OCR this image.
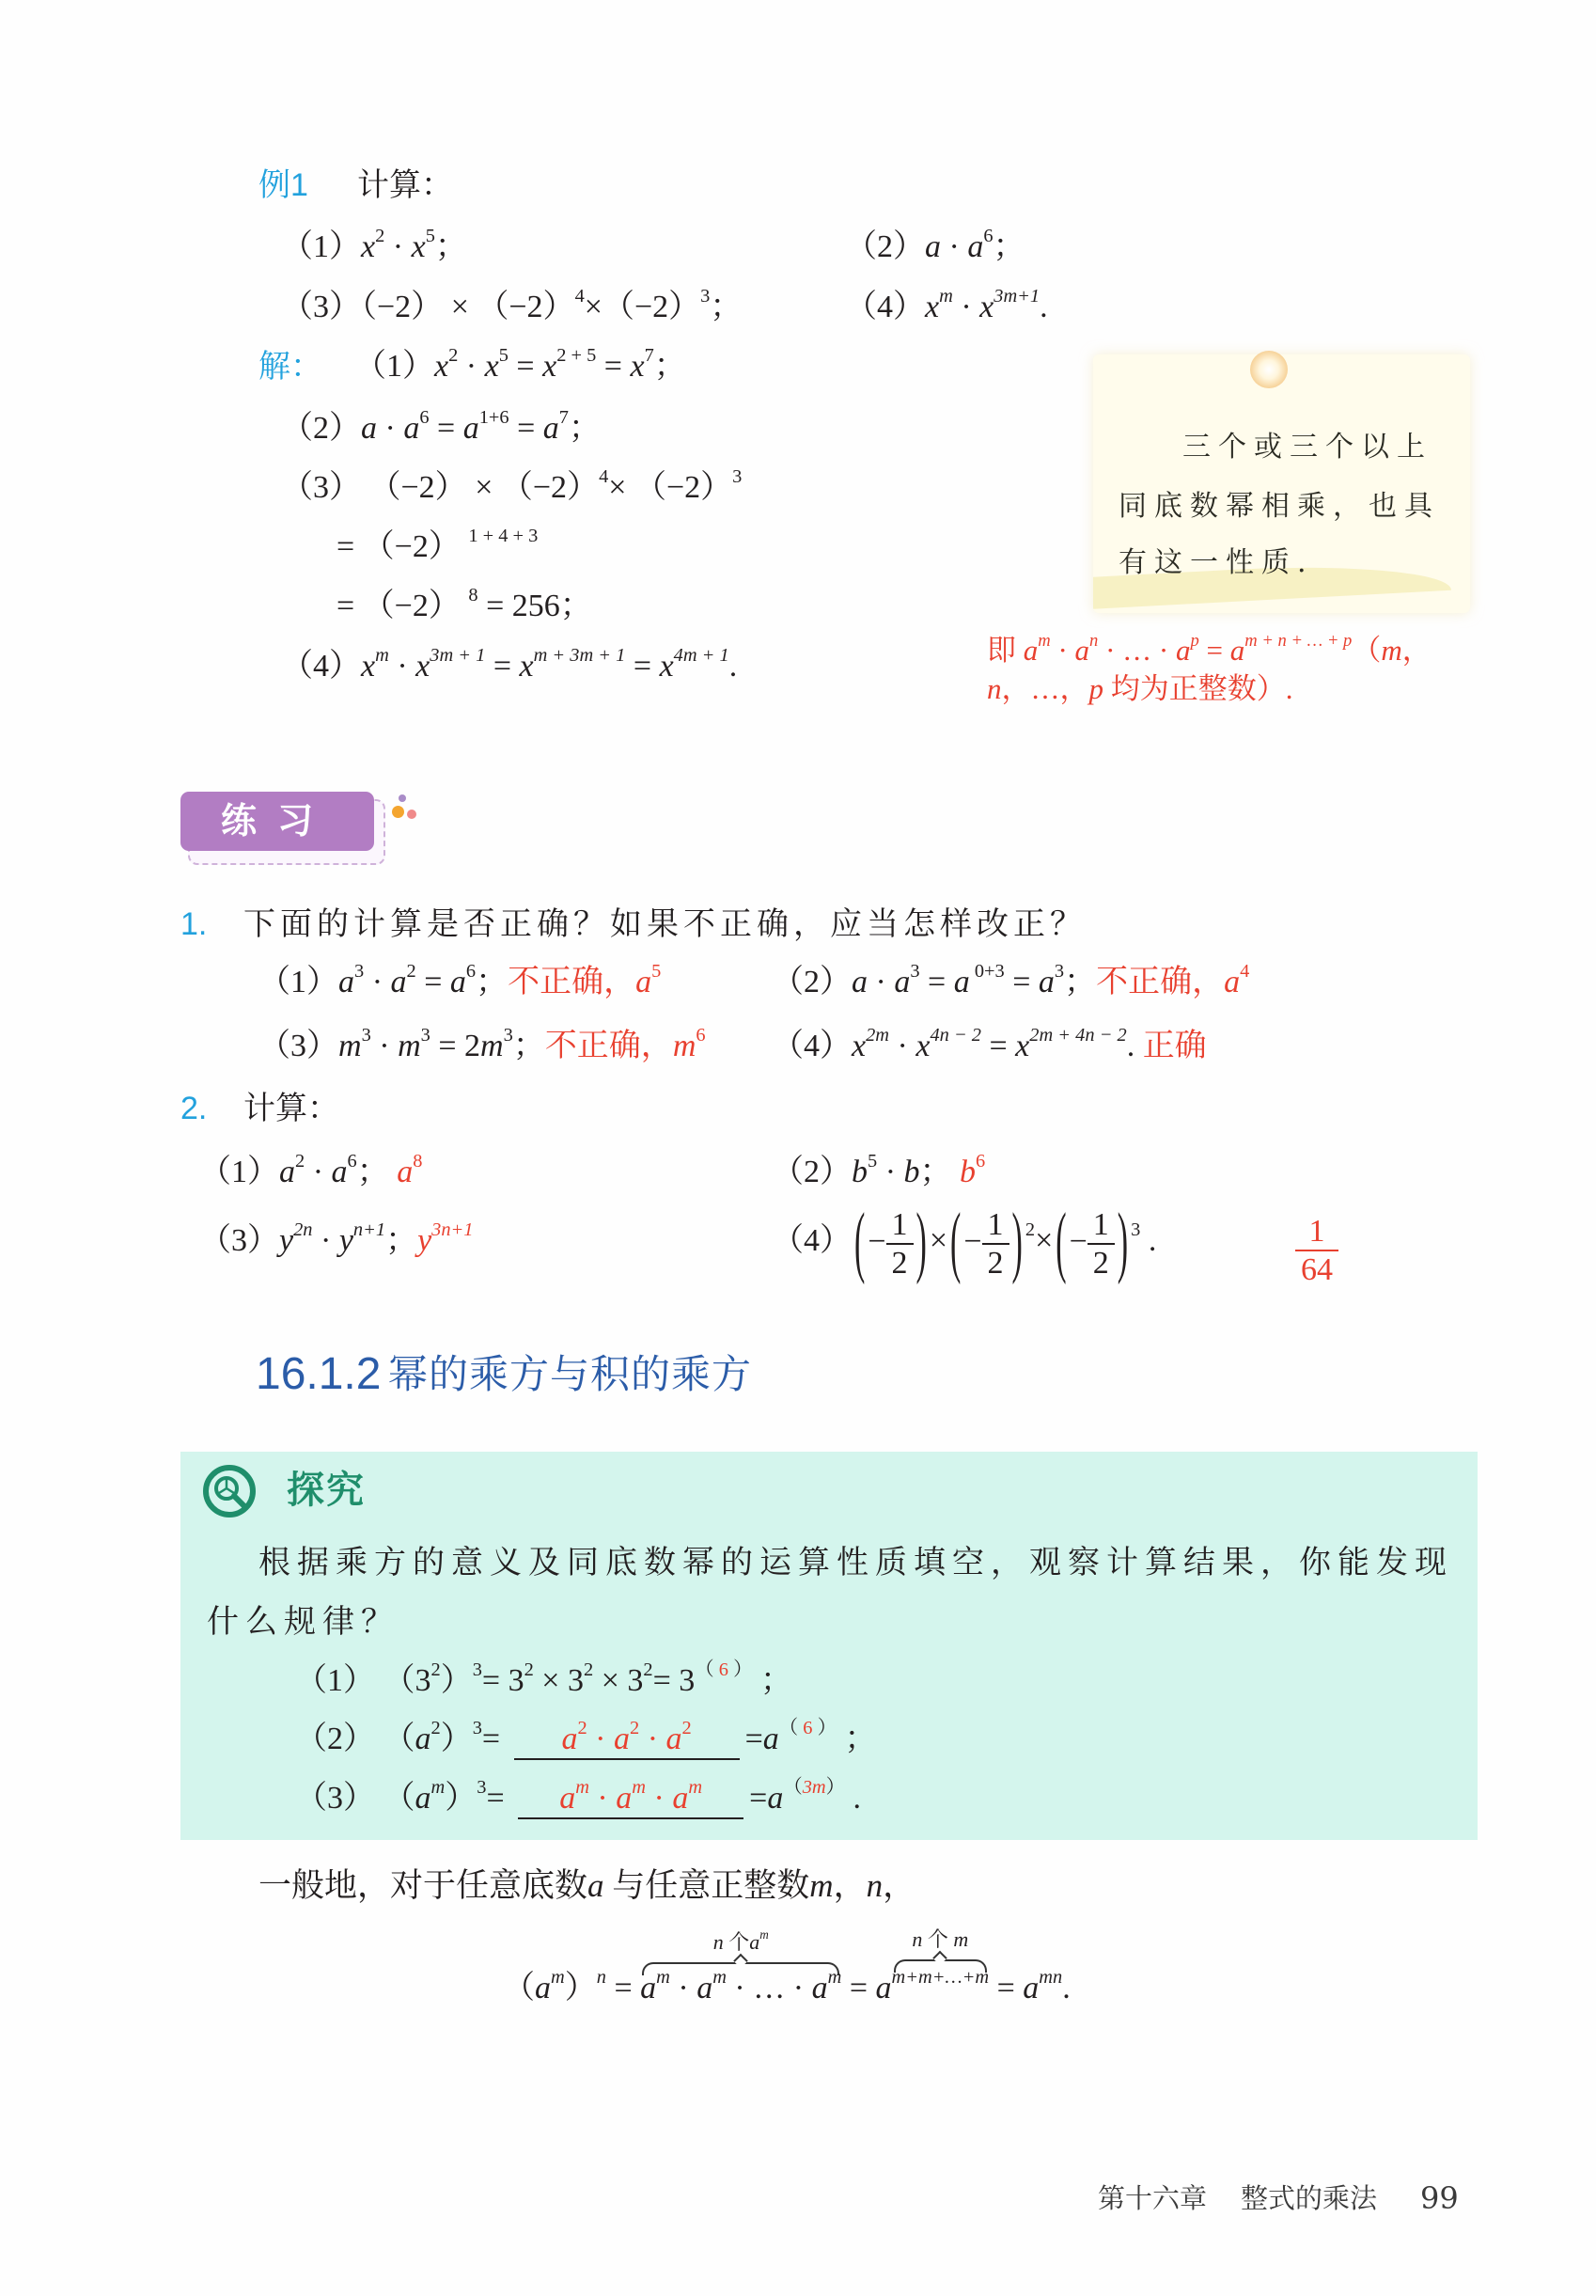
例1 计算：
$(1)x^2 \cdot x^5$；	$(2)a \cdot a^6$；
$(3)(-2) \times (-2)^4\times(-2)^3$；	$(4)x^m \cdot x^{3m+1}$.
解： $(1)x^2 \cdot x^5 = x^{2 + 5} = x^7$；
$(2)a \cdot a^6 = a^{1+6} = a^7$；
（3） $(-2) \times (-2)^4\times (-2)^3$
= （−2） $^{1 + 4 + 3}$
= （−2） $^8$ = 256；
$(4)x^m \cdot x^{3m + 1} = x^{m + 3m + 1} = x^{4m + 1}$.
三个或三个以上
同底数幂相乘，也具
有这一性质.
即 $a^m \cdot a^n$ · … · $a^p = a^{m + n + \dots + p}(m$，
n，…，p 均为正整数）.
练习
1. 下面的计算是否正确？如果不正确，应当怎样改正？
$(1)a^3 \cdot a^2 = a^6$；不正确，$a^5$	$(2)a \cdot a^3 = a$ $^{0+3} = a^3$；不正确，$a^4$
$(3)m^3 \cdot m^3 = 2m^3$；不正确，$m^6$ $(4)x^{2m} \cdot x^{4n - 2} = x^{2m + 4n - 2}$. 正确
2. 计算：
$(1)a^2 \cdot a^6$； $a^8$	$(2)b^5 \cdot b$； $b^6$
$(3)y^{2n} \cdot y^{n+1}$；$y^{3n+1}$	$(4)(- \frac{1}{2}$ )×(− $\frac{1}{2}$ ) $^2\times(- \frac{1}{2}$ ) $^3$ .	$\frac{1}{64}$
16.1.2 幂的乘方与积的乘方
探究
根据乘方的意义及同底数幂的运算性质填空，观察计算结果，你能发现
什么规律？
（1） $(3^2)^3= 3^2 \times 3^2 \times 3^2= 3^{( 6 )}$ ；
（2） $(a^2)^3= a^2 \cdot a^2 \cdot a^2 =a^{( 6 )}$ ；
（3） $(a^m)^3= a^m \cdot a^m \cdot a^m =a^{(3m)}$ .
一般地，对于任意底数a 与任意正整数m，n，
$(a^m)^n$ =
n 个$a^m$
$a^m \cdot a^m$ · … · $a^m = a$
$^{n 个 m m+m+\dots+m} = a^{mn}$.
第十六章 整式的乘法 99
